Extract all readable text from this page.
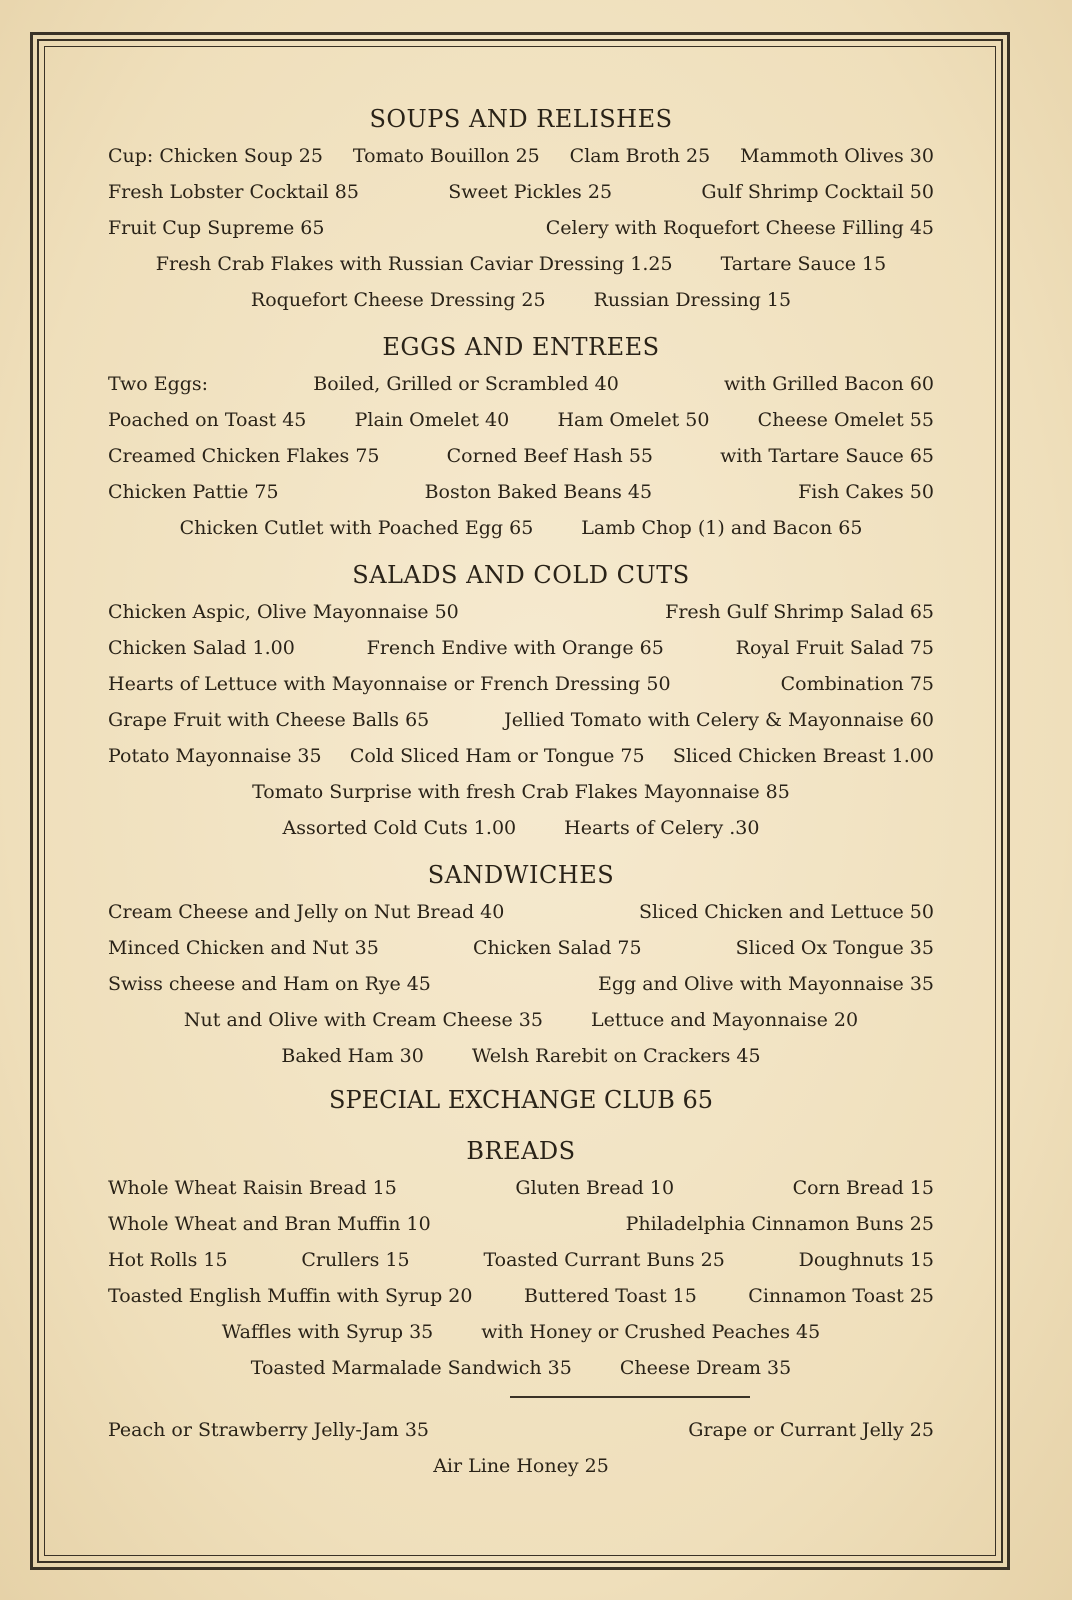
SOUPS AND RELISHES
Cup: Chicken Soup 25 Tomato Bouillon 25 Clam Broth 25 Mammoth Olives 30
Fresh Lobster Cocktail 85	Sweet Pickles 25	Gulf Shrimp Cocktail 50
Fruit Cup Supreme 65	Celery with Roquefort Cheese Filling 45
Fresh Crab Flakes with Russian Caviar Dressing 1.25	Tartare Sauce 15
Roquefort Cheese Dressing 25	Russian Dressing 15
EGGS AND ENTREES
Two Eggs:	Boiled, Grilled or Scrambled 40	with Grilled Bacon 60
Poached on Toast 45	Plain Omelet 40	Ham Omelet 50	Cheese Omelet 55
Creamed Chicken Flakes 75	Corned Beef Hash 55	with Tartare Sauce 65
Chicken Pattie 75	Boston Baked Beans 45	Fish Cakes 50
Chicken Cutlet with Poached Egg 65	Lamb Chop (1) and Bacon 65
SALADS AND COLD CUTS
Chicken Aspic, Olive Mayonnaise 50	Fresh Gulf Shrimp Salad 65
Chicken Salad 1.00	French Endive with Orange 65	Royal Fruit Salad 75
Hearts of Lettuce with Mayonnaise or French Dressing 50	Combination 75
Grape Fruit with Cheese Balls 65	Jellied Tomato with Celery & Mayonnaise 60
Potato Mayonnaise 35 Cold Sliced Ham or Tongue 75 Sliced Chicken Breast 1.00
Tomato Surprise with fresh Crab Flakes Mayonnaise 85
Assorted Cold Cuts 1.00	Hearts of Celery .30
SANDWICHES
Cream Cheese and Jelly on Nut Bread 40	Sliced Chicken and Lettuce 50
Minced Chicken and Nut 35	Chicken Salad 75	Sliced Ox Tongue 35
Swiss cheese and Ham on Rye 45	Egg and Olive with Mayonnaise 35
Nut and Olive with Cream Cheese 35	Lettuce and Mayonnaise 20
Baked Ham 30	Welsh Rarebit on Crackers 45
SPECIAL EXCHANGE CLUB 65
BREADS
Whole Wheat Raisin Bread 15	Gluten Bread 10	Corn Bread 15
Whole Wheat and Bran Muffin 10	Philadelphia Cinnamon Buns 25
Hot Rolls 15	Crullers 15	Toasted Currant Buns 25	Doughnuts 15
Toasted English Muffin with Syrup 20	Buttered Toast 15	Cinnamon Toast 25
Waffles with Syrup 35	with Honey or Crushed Peaches 45
Toasted Marmalade Sandwich 35	Cheese Dream 35
Peach or Strawberry Jelly-Jam 35	Grape or Currant Jelly 25
Air Line Honey 25
